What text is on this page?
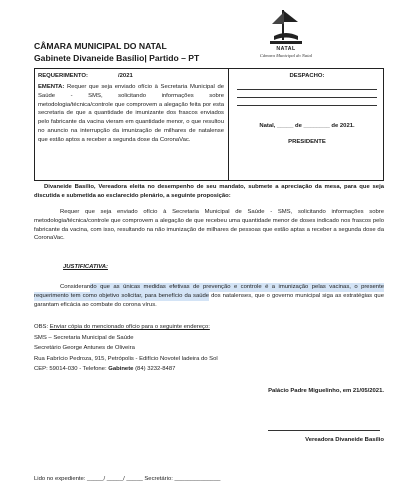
CÂMARA MUNICIPAL DO NATAL
Gabinete Divaneide Basílio| Partido – PT
NATAL
Câmara Municipal do Natal
REQUERIMENTO:	/2021
EMENTA: Requer que seja enviado ofício à Secretaria Municipal de Saúde - SMS, solicitando informações sobre metodologia/técnica/controle que comprovem a alegação feita por esta secretaria de que a quantidade de imunizante dos frascos enviados pelo fabricante da vacina vieram em quantidade menor, o que resultou no anuncio na interrupção da imunização de milhares de natalense que estão aptos a receber a segunda dose da CoronaVac.
DESPACHO:
Natal, _____ de ________ de 2021.
PRESIDENTE
Divaneide Basílio, Vereadora eleita no desempenho de seu mandato, submete a apreciação da mesa, para que seja discutida e submetida ao esclarecido plenário, a seguinte proposição:
Requer que seja enviado ofício à Secretaria Municipal de Saúde - SMS, solicitando informações sobre metodologia/técnica/controle que comprovem a alegação de que recebeu uma quantidade menor de doses indicado nos frascos pelo fabricante da vacina, com isso, resultando na não imunização de milhares de pessoas que estão aptas a receber a segunda dose da CoronaVac.
JUSTIFICATIVA:
Considerando que as únicas medidas efetivas de prevenção e controle é a imunização pelas vacinas, o presente requerimento tem como objetivo solicitar, para benefício da saúde dos natalenses, que o governo municipal siga as estratégias que garantam eficácia ao combate do corona vírus.
OBS: Enviar cópia do mencionado ofício para o seguinte endereço:
SMS – Secretaria Municipal de Saúde
Secretário George Antunes de Oliveira
Rua Fabrício Pedroza, 915, Petrópolis - Edifício Novotel ladeira do Sol
CEP: 59014-030 - Telefone: Gabinete (84) 3232-8487
Palácio Padre Miguelinho, em 21/05/2021.
Vereadora Divaneide Basílio
Lido no expediente: _____/ _____/ _____ Secretário: ______________
